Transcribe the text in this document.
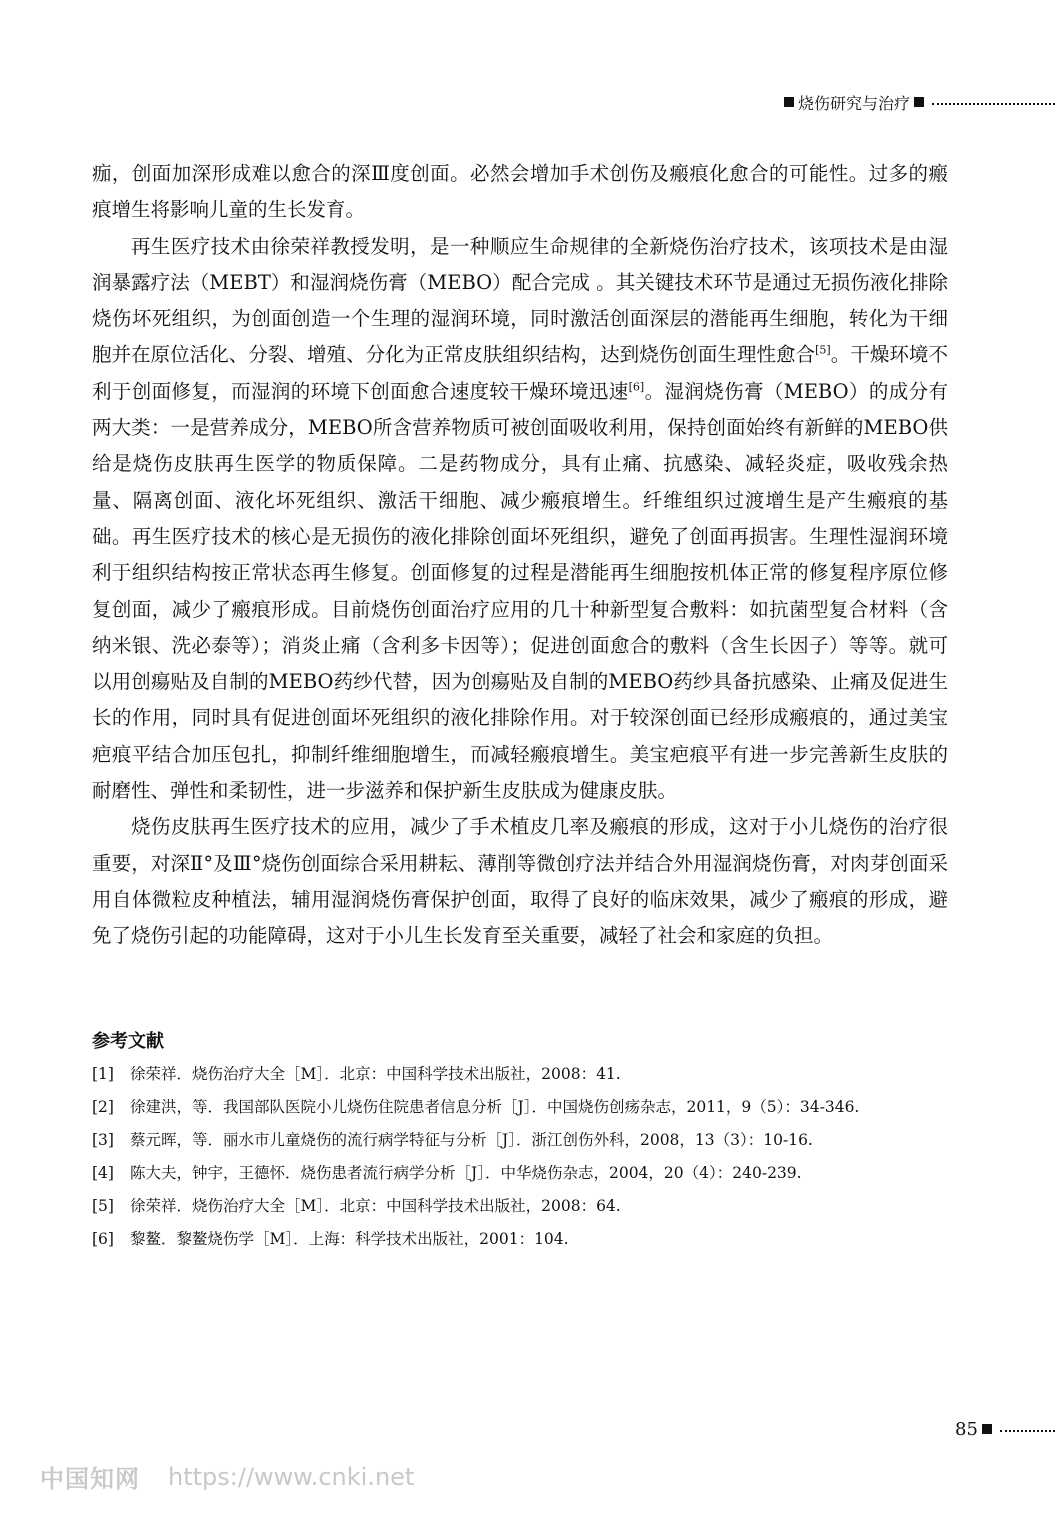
烧伤研究与治疗

痂，创面加深形成难以愈合的深Ⅲ度创面。必然会增加手术创伤及瘢痕化愈合的可能性。过多的瘢痕增生将影响儿童的生长发育。

再生医疗技术由徐荣祥教授发明，是一种顺应生命规律的全新烧伤治疗技术，该项技术是由湿润暴露疗法（MEBT）和湿润烧伤膏（MEBO）配合完成 。其关键技术环节是通过无损伤液化排除烧伤坏死组织，为创面创造一个生理的湿润环境，同时激活创面深层的潜能再生细胞，转化为干细胞并在原位活化、分裂、增殖、分化为正常皮肤组织结构，达到烧伤创面生理性愈合[5]。干燥环境不利于创面修复，而湿润的环境下创面愈合速度较干燥环境迅速[6]。湿润烧伤膏（MEBO）的成分有两大类：一是营养成分，MEBO所含营养物质可被创面吸收利用，保持创面始终有新鲜的MEBO供给是烧伤皮肤再生医学的物质保障。二是药物成分，具有止痛、抗感染、减轻炎症，吸收残余热量、隔离创面、液化坏死组织、激活干细胞、减少瘢痕增生。纤维组织过渡增生是产生瘢痕的基础。再生医疗技术的核心是无损伤的液化排除创面坏死组织，避免了创面再损害。生理性湿润环境利于组织结构按正常状态再生修复。创面修复的过程是潜能再生细胞按机体正常的修复程序原位修复创面，减少了瘢痕形成。目前烧伤创面治疗应用的几十种新型复合敷料：如抗菌型复合材料（含纳米银、洗必泰等）；消炎止痛（含利多卡因等）；促进创面愈合的敷料（含生长因子）等等。就可以用创瘍贴及自制的MEBO药纱代替，因为创瘍贴及自制的MEBO药纱具备抗感染、止痛及促进生长的作用，同时具有促进创面坏死组织的液化排除作用。对于较深创面已经形成瘢痕的，通过美宝疤痕平结合加压包扎，抑制纤维细胞增生，而减轻瘢痕增生。美宝疤痕平有进一步完善新生皮肤的耐磨性、弹性和柔韧性，进一步滋养和保护新生皮肤成为健康皮肤。

烧伤皮肤再生医疗技术的应用，减少了手术植皮几率及瘢痕的形成，这对于小儿烧伤的治疗很重要，对深Ⅱ°及Ⅲ°烧伤创面综合采用耕耘、薄削等微创疗法并结合外用湿润烧伤膏，对肉芽创面采用自体微粒皮种植法，辅用湿润烧伤膏保护创面，取得了良好的临床效果，减少了瘢痕的形成，避免了烧伤引起的功能障碍，这对于小儿生长发育至关重要，减轻了社会和家庭的负担。

参考文献
[1]	徐荣祥．烧伤治疗大全［M］．北京：中国科学技术出版社，2008：41.
[2]	徐建洪，等．我国部队医院小儿烧伤住院患者信息分析［J］．中国烧伤创疡杂志，2011，9（5）：34-346.
[3]	蔡元晖，等．丽水市儿童烧伤的流行病学特征与分析［J］．浙江创伤外科，2008，13（3）：10-16.
[4]	陈大夫，钟宇，王德怀．烧伤患者流行病学分析［J］．中华烧伤杂志，2004，20（4）：240-239.
[5]	徐荣祥．烧伤治疗大全［M］．北京：中国科学技术出版社，2008：64.
[6]	黎鳌．黎鳌烧伤学［M］．上海：科学技术出版社，2001：104.
85
中国知网 https://www.cnki.net
